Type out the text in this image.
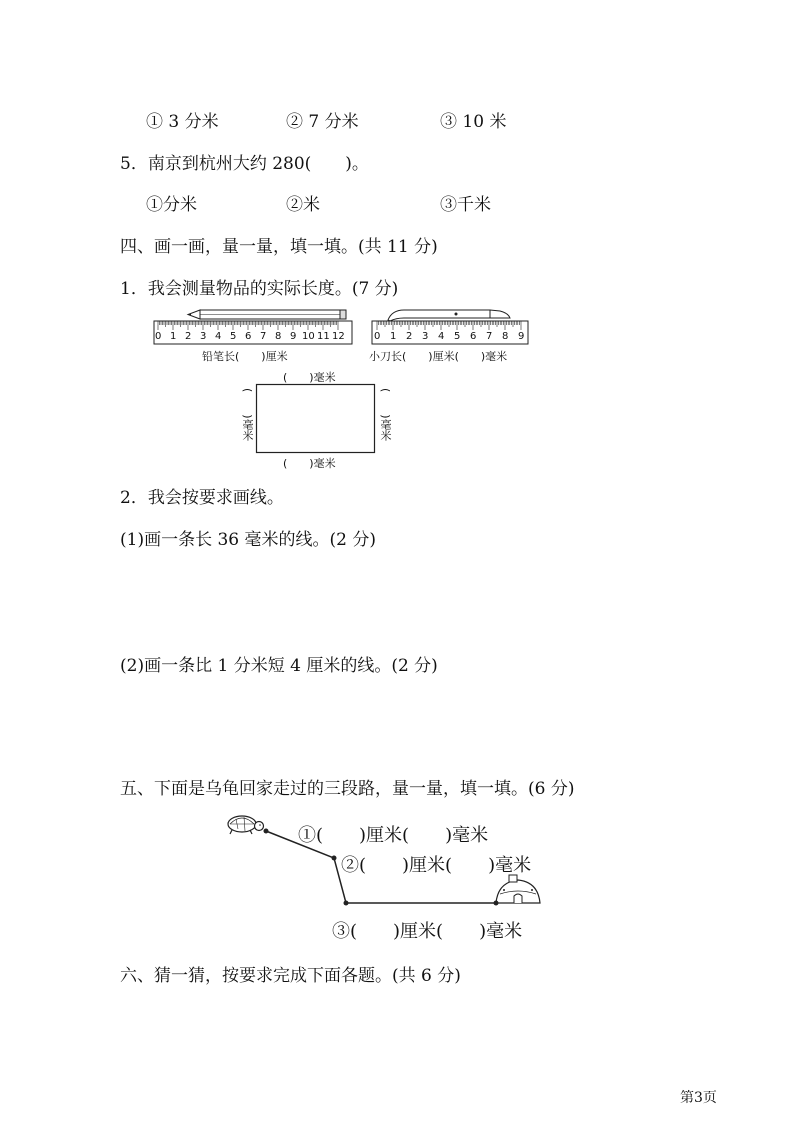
① 3 分米	② 7 分米	③ 10 米
5．南京到杭州大约 280(　　)。
①分米	②米	③千米
四、画一画，量一量，填一填。(共 11 分)
1．我会测量物品的实际长度。(7 分)
0 1 2 3 4 5 6 7 8 9 10 11 12
铅笔长(　　)厘米
0 1 2 3 4 5 6 7 8 9
小刀长(　　)厘米(　　)毫米
(　　)毫米
(　　)毫米
(　　)毫米	(　　)毫米
2．我会按要求画线。
(1)画一条长 36 毫米的线。(2 分)
(2)画一条比 1 分米短 4 厘米的线。(2 分)
五、下面是乌龟回家走过的三段路，量一量，填一填。(6 分)
①(　　)厘米(　　)毫米
②(　　)厘米(　　)毫米
③(　　)厘米(　　)毫米
六、猜一猜，按要求完成下面各题。(共 6 分)
第3页
